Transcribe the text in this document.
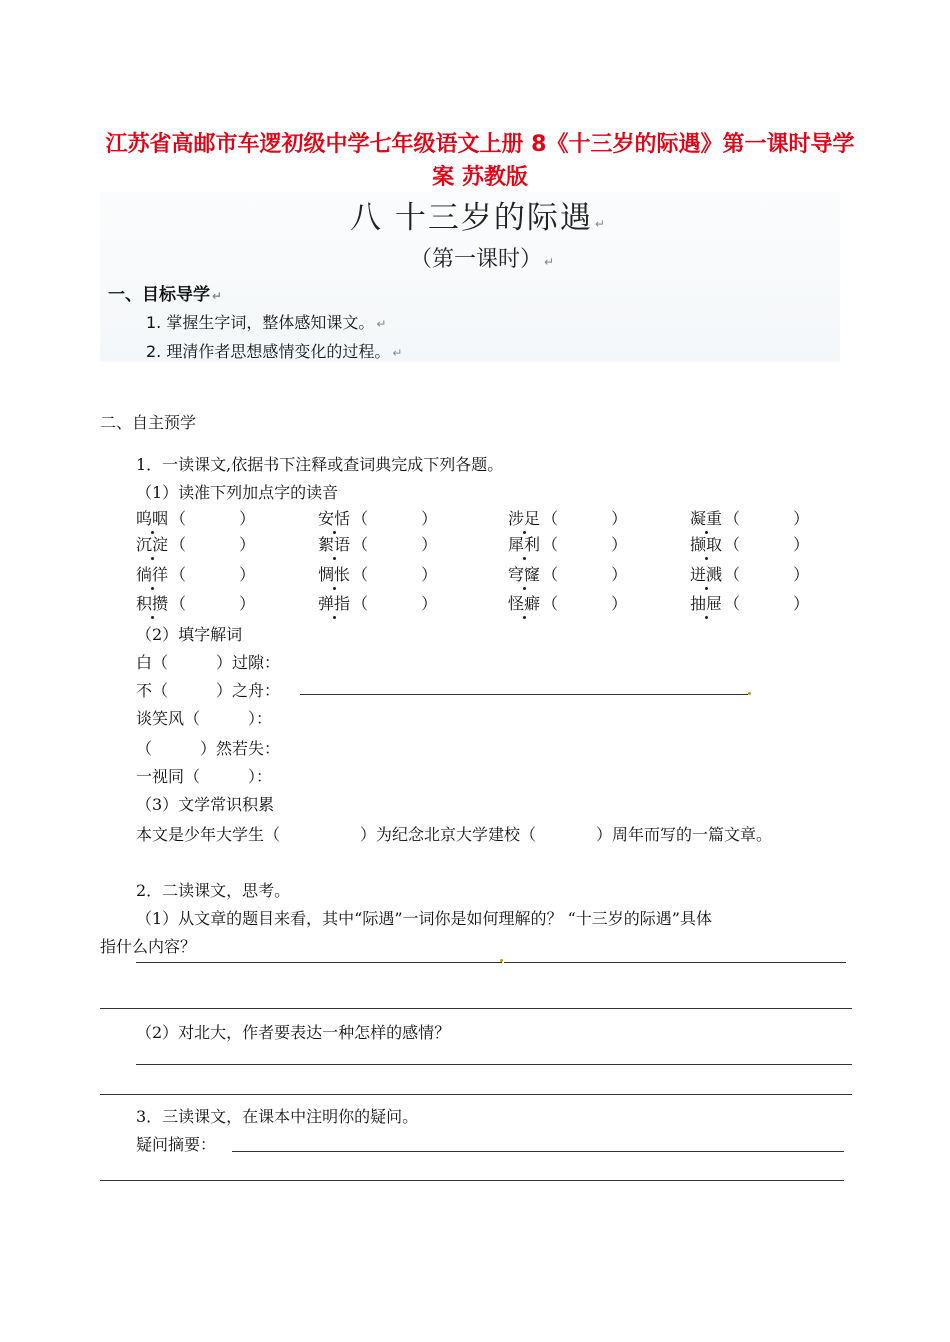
江苏省高邮市车逻初级中学七年级语文上册 8《十三岁的际遇》第一课时导学案 苏教版
八 十三岁的际遇 ↵
（第一课时） ↵
一、目标导学 ↵
1. 掌握生字词，整体感知课文。 ↵
2. 理清作者思想感情变化的过程。 ↵
二、自主预学
1．一读课文,依据书下注释或查词典完成下列各题。
（1）读准下列加点字的读音
呜咽 （　　　 ）	安恬 （　　　 ）	涉足 （　　　 ）	凝重 （　　　 ）
沉淀 （　　　 ）	絮语 （　　　 ）	犀利 （　　　 ）	撷取 （　　　 ）
徜徉 （　　　 ）	惆怅 （　　　 ）	穹窿 （　　　 ）	迸溅 （　　　 ）
积攒 （　　　 ）	弹指 （　　　 ）	怪癖 （　　　 ）	抽屉 （　　　 ）
（2）填字解词
白（	）过隙：
不（	）之舟：
谈笑风（	）：
（	）然若失：
一视同（	）：
（3）文学常识积累
本文是少年大学生（	）为纪念北京大学建校（	）周年而写的一篇文章。
2．二读课文，思考。
（1）从文章的题目来看，其中“际遇”一词你是如何理解的？ “十三岁的际遇”具体
指什么内容？
（2）对北大，作者要表达一种怎样的感情？
3．三读课文，在课本中注明你的疑问。
疑问摘要：
